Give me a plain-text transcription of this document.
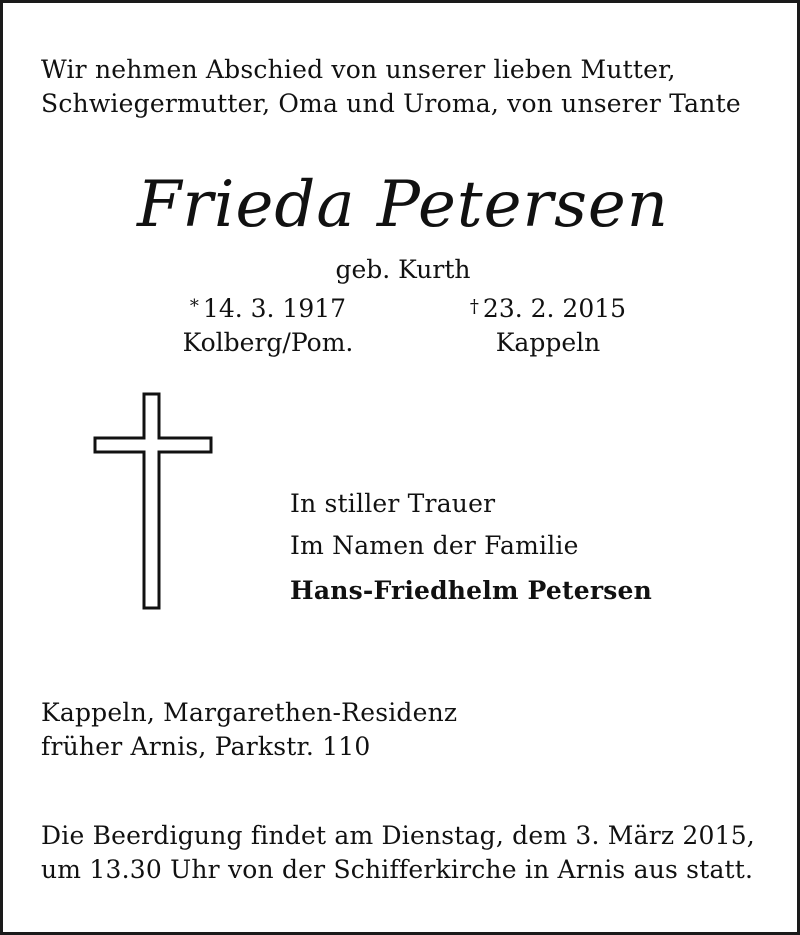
Wir nehmen Abschied von unserer lieben Mutter,
Schwiegermutter, Oma und Uroma, von unserer Tante
Frieda Petersen
geb. Kurth
* 14. 3. 1917
Kolberg/Pom.
† 23. 2. 2015
Kappeln
In stiller Trauer
Im Namen der Familie
Hans-Friedhelm Petersen
Kappeln, Margarethen-Residenz
früher Arnis, Parkstr. 110
Die Beerdigung findet am Dienstag, dem 3. März 2015,
um 13.30 Uhr von der Schifferkirche in Arnis aus statt.
